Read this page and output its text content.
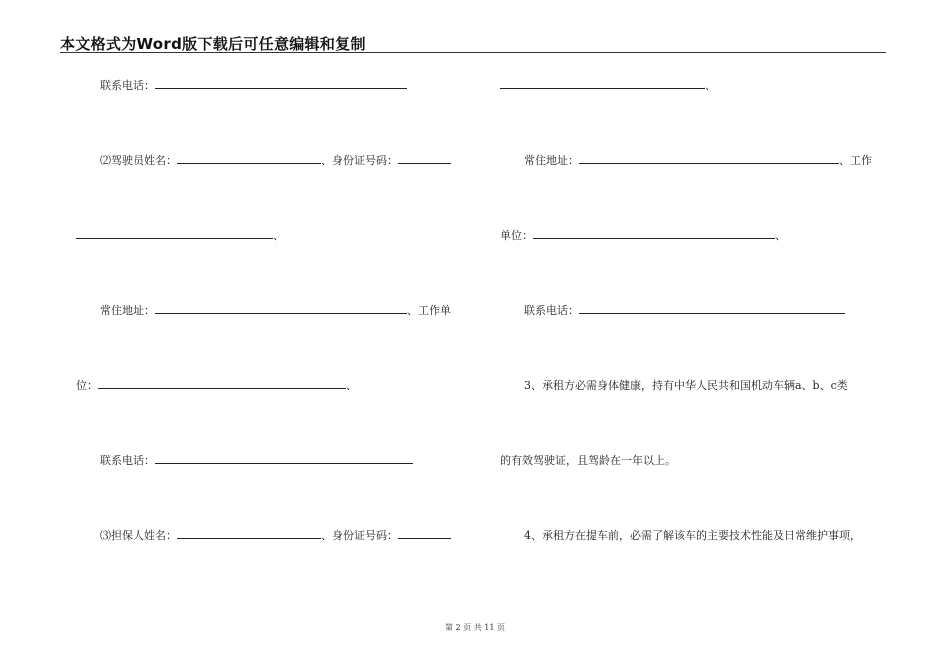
本文格式为Word版下载后可任意编辑和复制
联系电话：
⑵驾驶员姓名：	、身份证号码：
、
常住地址：	、工作单
位：	、
联系电话：
⑶担保人姓名：	、身份证号码：
、
常住地址：	、工作
单位：	、
联系电话：
3、承租方必需身体健康，持有中华人民共和国机动车辆a、b、c类
的有效驾驶证，且驾龄在一年以上。
4、承租方在提车前，必需了解该车的主要技术性能及日常维护事项，
第 2 页 共 11 页
